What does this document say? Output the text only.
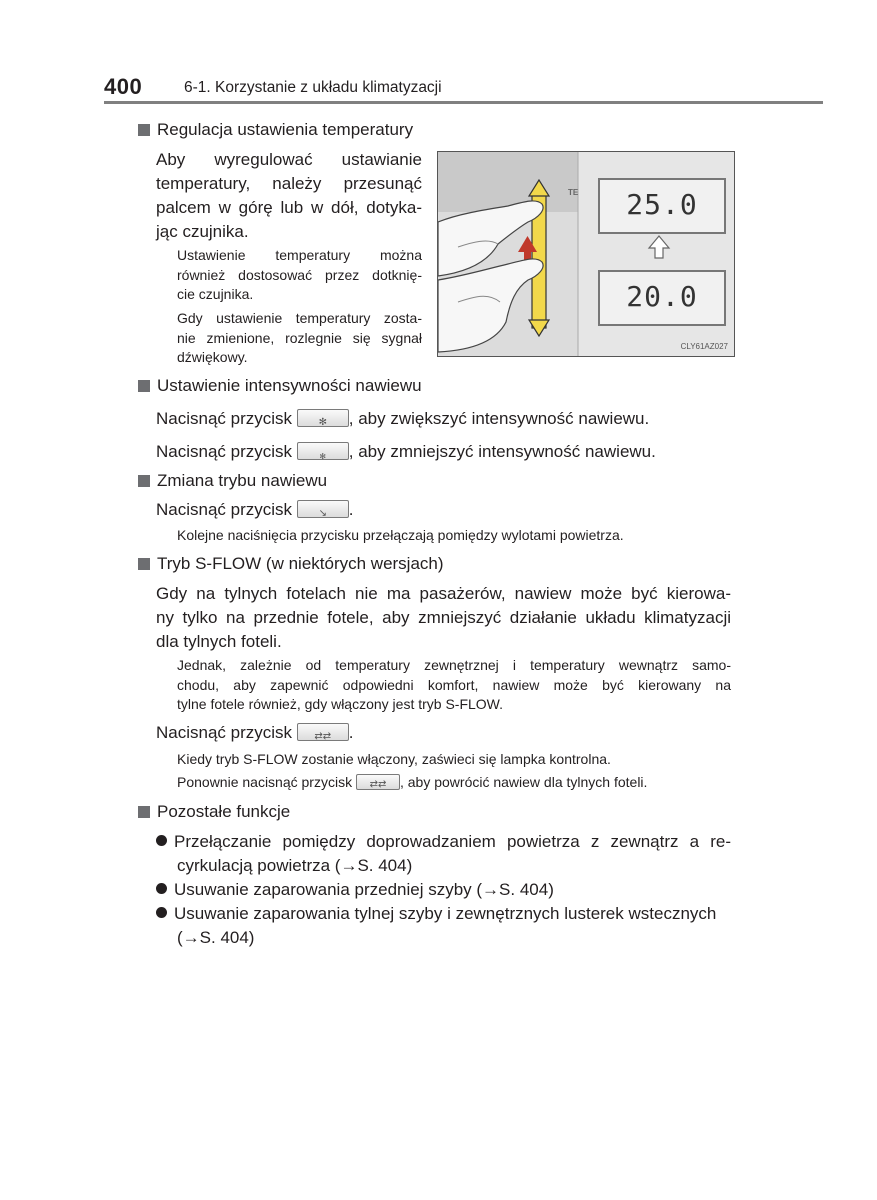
400	6-1. Korzystanie z układu klimatyzacji
Regulacja ustawienia temperatury
Aby wyregulować ustawianie
temperatury, należy przesunąć
palcem w górę lub w dół, dotyka-
jąc czujnika.
Ustawienie temperatury można
również dostosować przez dotknię-
cie czujnika.
Gdy ustawienie temperatury zosta-
nie zmienione, rozlegnie się sygnał
dźwiękowy.
TE	25.0
20.0
CLY61AZ027
Ustawienie intensywności nawiewu
Nacisnąć przycisk	✻	, aby zwiększyć intensywność nawiewu.
Nacisnąć przycisk	✻	, aby zmniejszyć intensywność nawiewu.
Zmiana trybu nawiewu
Nacisnąć przycisk	↘	.
Kolejne naciśnięcia przycisku przełączają pomiędzy wylotami powietrza.
Tryb S-FLOW (w niektórych wersjach)
Gdy na tylnych fotelach nie ma pasażerów, nawiew może być kierowa-
ny tylko na przednie fotele, aby zmniejszyć działanie układu klimatyzacji
dla tylnych foteli.
Jednak, zależnie od temperatury zewnętrznej i temperatury wewnątrz samo-
chodu, aby zapewnić odpowiedni komfort, nawiew może być kierowany na
tylne fotele również, gdy włączony jest tryb S-FLOW.
Nacisnąć przycisk	⇄⇄	.
Kiedy tryb S-FLOW zostanie włączony, zaświeci się lampka kontrolna.
Ponownie nacisnąć przycisk	⇄⇄ , aby powrócić nawiew dla tylnych foteli.
Pozostałe funkcje
Przełączanie pomiędzy doprowadzaniem powietrza z zewnątrz a re-
cyrkulacją powietrza (→S. 404)
Usuwanie zaparowania przedniej szyby (→S. 404)
Usuwanie zaparowania tylnej szyby i zewnętrznych lusterek wstecznych
(→S. 404)
